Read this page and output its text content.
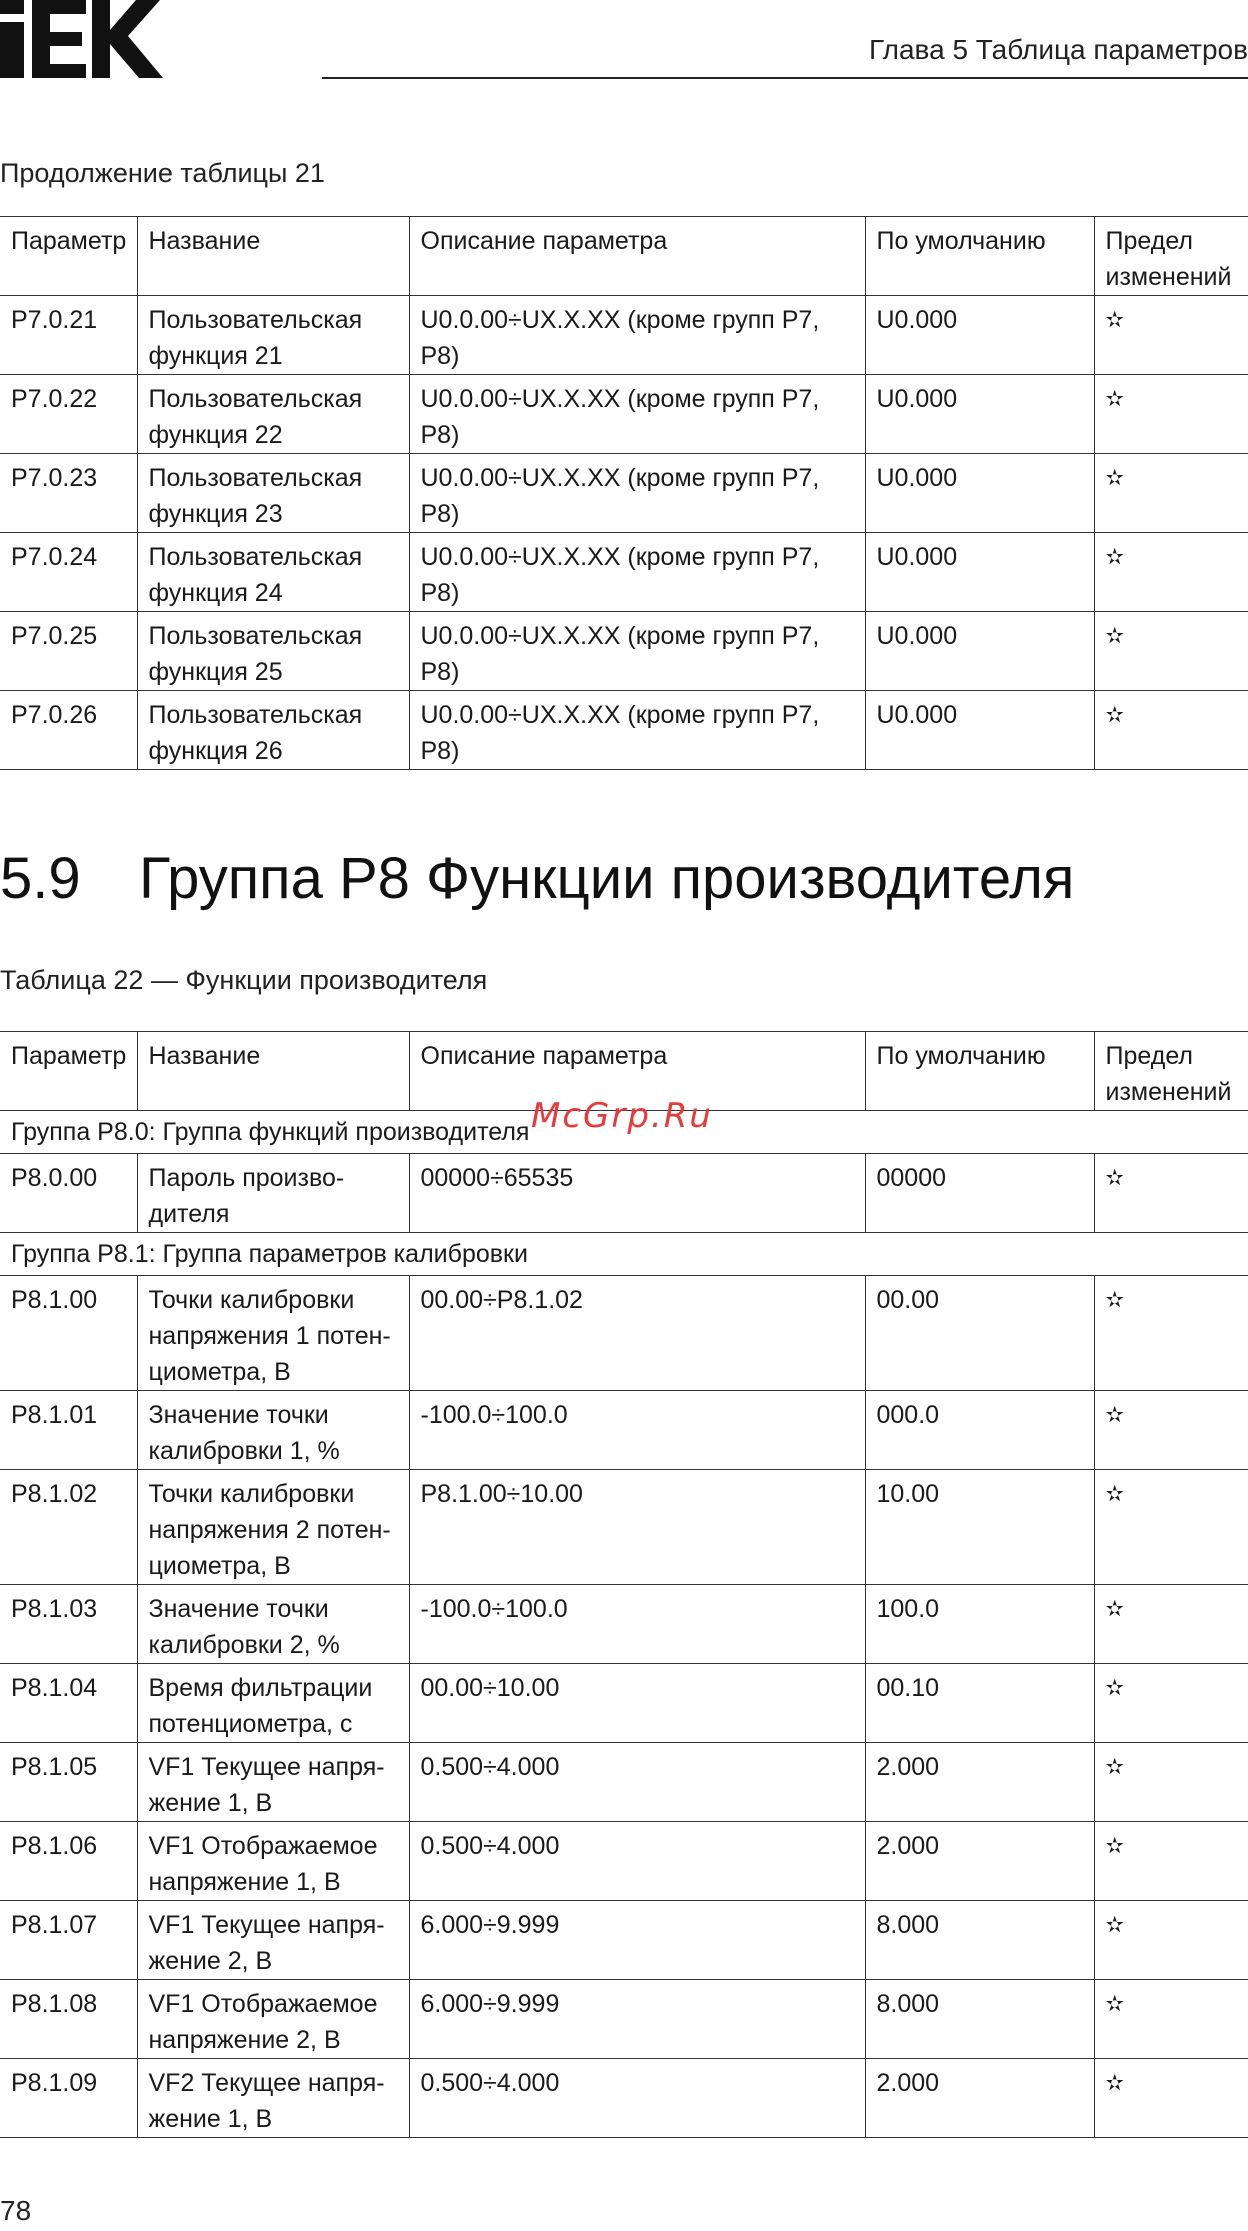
Глава 5 Таблица параметров
Продолжение таблицы 21
Параметр	Название	Описание параметра	По умолчанию	Предел изменений
P7.0.21	Пользовательская функция 21	U0.0.00÷UX.X.XX (кроме групп P7, P8)	U0.000	✫
P7.0.22	Пользовательская функция 22	U0.0.00÷UX.X.XX (кроме групп P7, P8)	U0.000	✫
P7.0.23	Пользовательская функция 23	U0.0.00÷UX.X.XX (кроме групп P7, P8)	U0.000	✫
P7.0.24	Пользовательская функция 24	U0.0.00÷UX.X.XX (кроме групп P7, P8)	U0.000	✫
P7.0.25	Пользовательская функция 25	U0.0.00÷UX.X.XX (кроме групп P7, P8)	U0.000	✫
P7.0.26	Пользовательская функция 26	U0.0.00÷UX.X.XX (кроме групп P7, P8)	U0.000	✫
5.9 Группа P8 Функции производителя
Таблица 22 — Функции производителя
Параметр	Название	Описание параметра	По умолчанию	Предел изменений
Группа P8.0: Группа функций производителя				
P8.0.00	Пароль произво-дителя	00000÷65535	00000	✫
Группа P8.1: Группа параметров калибровки				
P8.1.00	Точки калибровки напряжения 1 потен-циометра, В	00.00÷P8.1.02	00.00	✫
P8.1.01	Значение точки калибровки 1, %	-100.0÷100.0	000.0	✫
P8.1.02	Точки калибровки напряжения 2 потен-циометра, В	P8.1.00÷10.00	10.00	✫
P8.1.03	Значение точки калибровки 2, %	-100.0÷100.0	100.0	✫
P8.1.04	Время фильтрации потенциометра, с	00.00÷10.00	00.10	✫
P8.1.05	VF1 Текущее напря-жение 1, В	0.500÷4.000	2.000	✫
P8.1.06	VF1 Отображаемое напряжение 1, В	0.500÷4.000	2.000	✫
P8.1.07	VF1 Текущее напря-жение 2, В	6.000÷9.999	8.000	✫
P8.1.08	VF1 Отображаемое напряжение 2, В	6.000÷9.999	8.000	✫
P8.1.09	VF2 Текущее напря-жение 1, В	0.500÷4.000	2.000	✫
McGrp.Ru
78
